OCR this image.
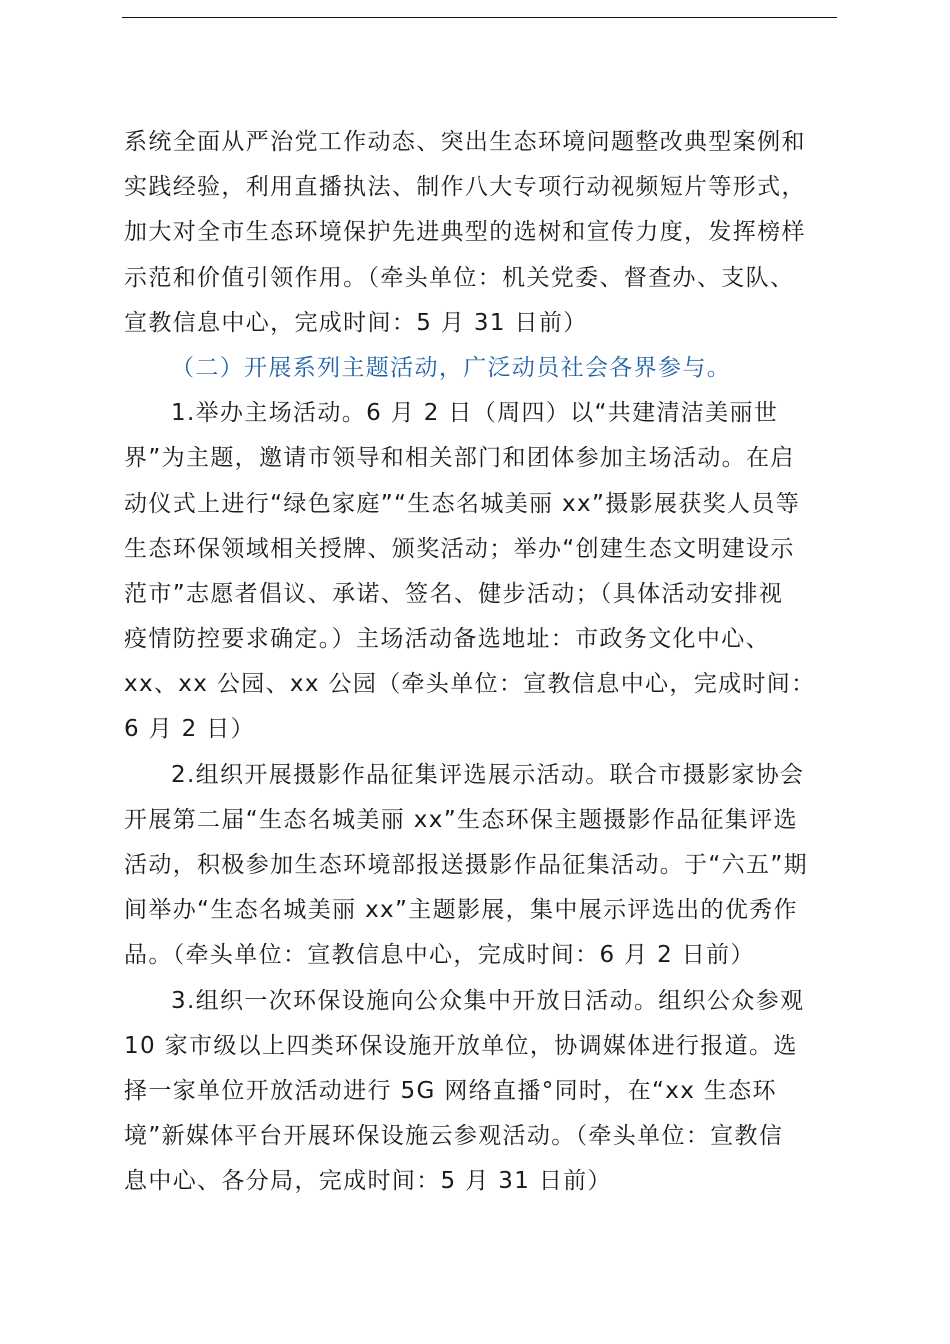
系统全面从严治党工作动态、突出生态环境问题整改典型案例和
实践经验，利用直播执法、制作八大专项行动视频短片等形式，
加大对全市生态环境保护先进典型的选树和宣传力度，发挥榜样
示范和价值引领作用。（牵头单位：机关党委、督查办、支队、
宣教信息中心，完成时间：5 月 31 日前）
（二）开展系列主题活动，广泛动员社会各界参与。
1.举办主场活动。6 月 2 日（周四）以“共建清洁美丽世
界”为主题，邀请市领导和相关部门和团体参加主场活动。在启
动仪式上进行“绿色家庭”“生态名城美丽 xx”摄影展获奖人员等
生态环保领域相关授牌、颁奖活动；举办“创建生态文明建设示
范市”志愿者倡议、承诺、签名、健步活动；（具体活动安排视
疫情防控要求确定。）主场活动备选地址：市政务文化中心、
xx、xx 公园、xx 公园（牵头单位：宣教信息中心，完成时间：
6 月 2 日）
2.组织开展摄影作品征集评选展示活动。联合市摄影家协会
开展第二届“生态名城美丽 xx”生态环保主题摄影作品征集评选
活动，积极参加生态环境部报送摄影作品征集活动。于“六五”期
间举办“生态名城美丽 xx”主题影展，集中展示评选出的优秀作
品。（牵头单位：宣教信息中心，完成时间：6 月 2 日前）
3.组织一次环保设施向公众集中开放日活动。组织公众参观
10 家市级以上四类环保设施开放单位，协调媒体进行报道。选
择一家单位开放活动进行 5G 网络直播°同时，在“xx 生态环
境”新媒体平台开展环保设施云参观活动。（牵头单位：宣教信
息中心、各分局，完成时间：5 月 31 日前）
